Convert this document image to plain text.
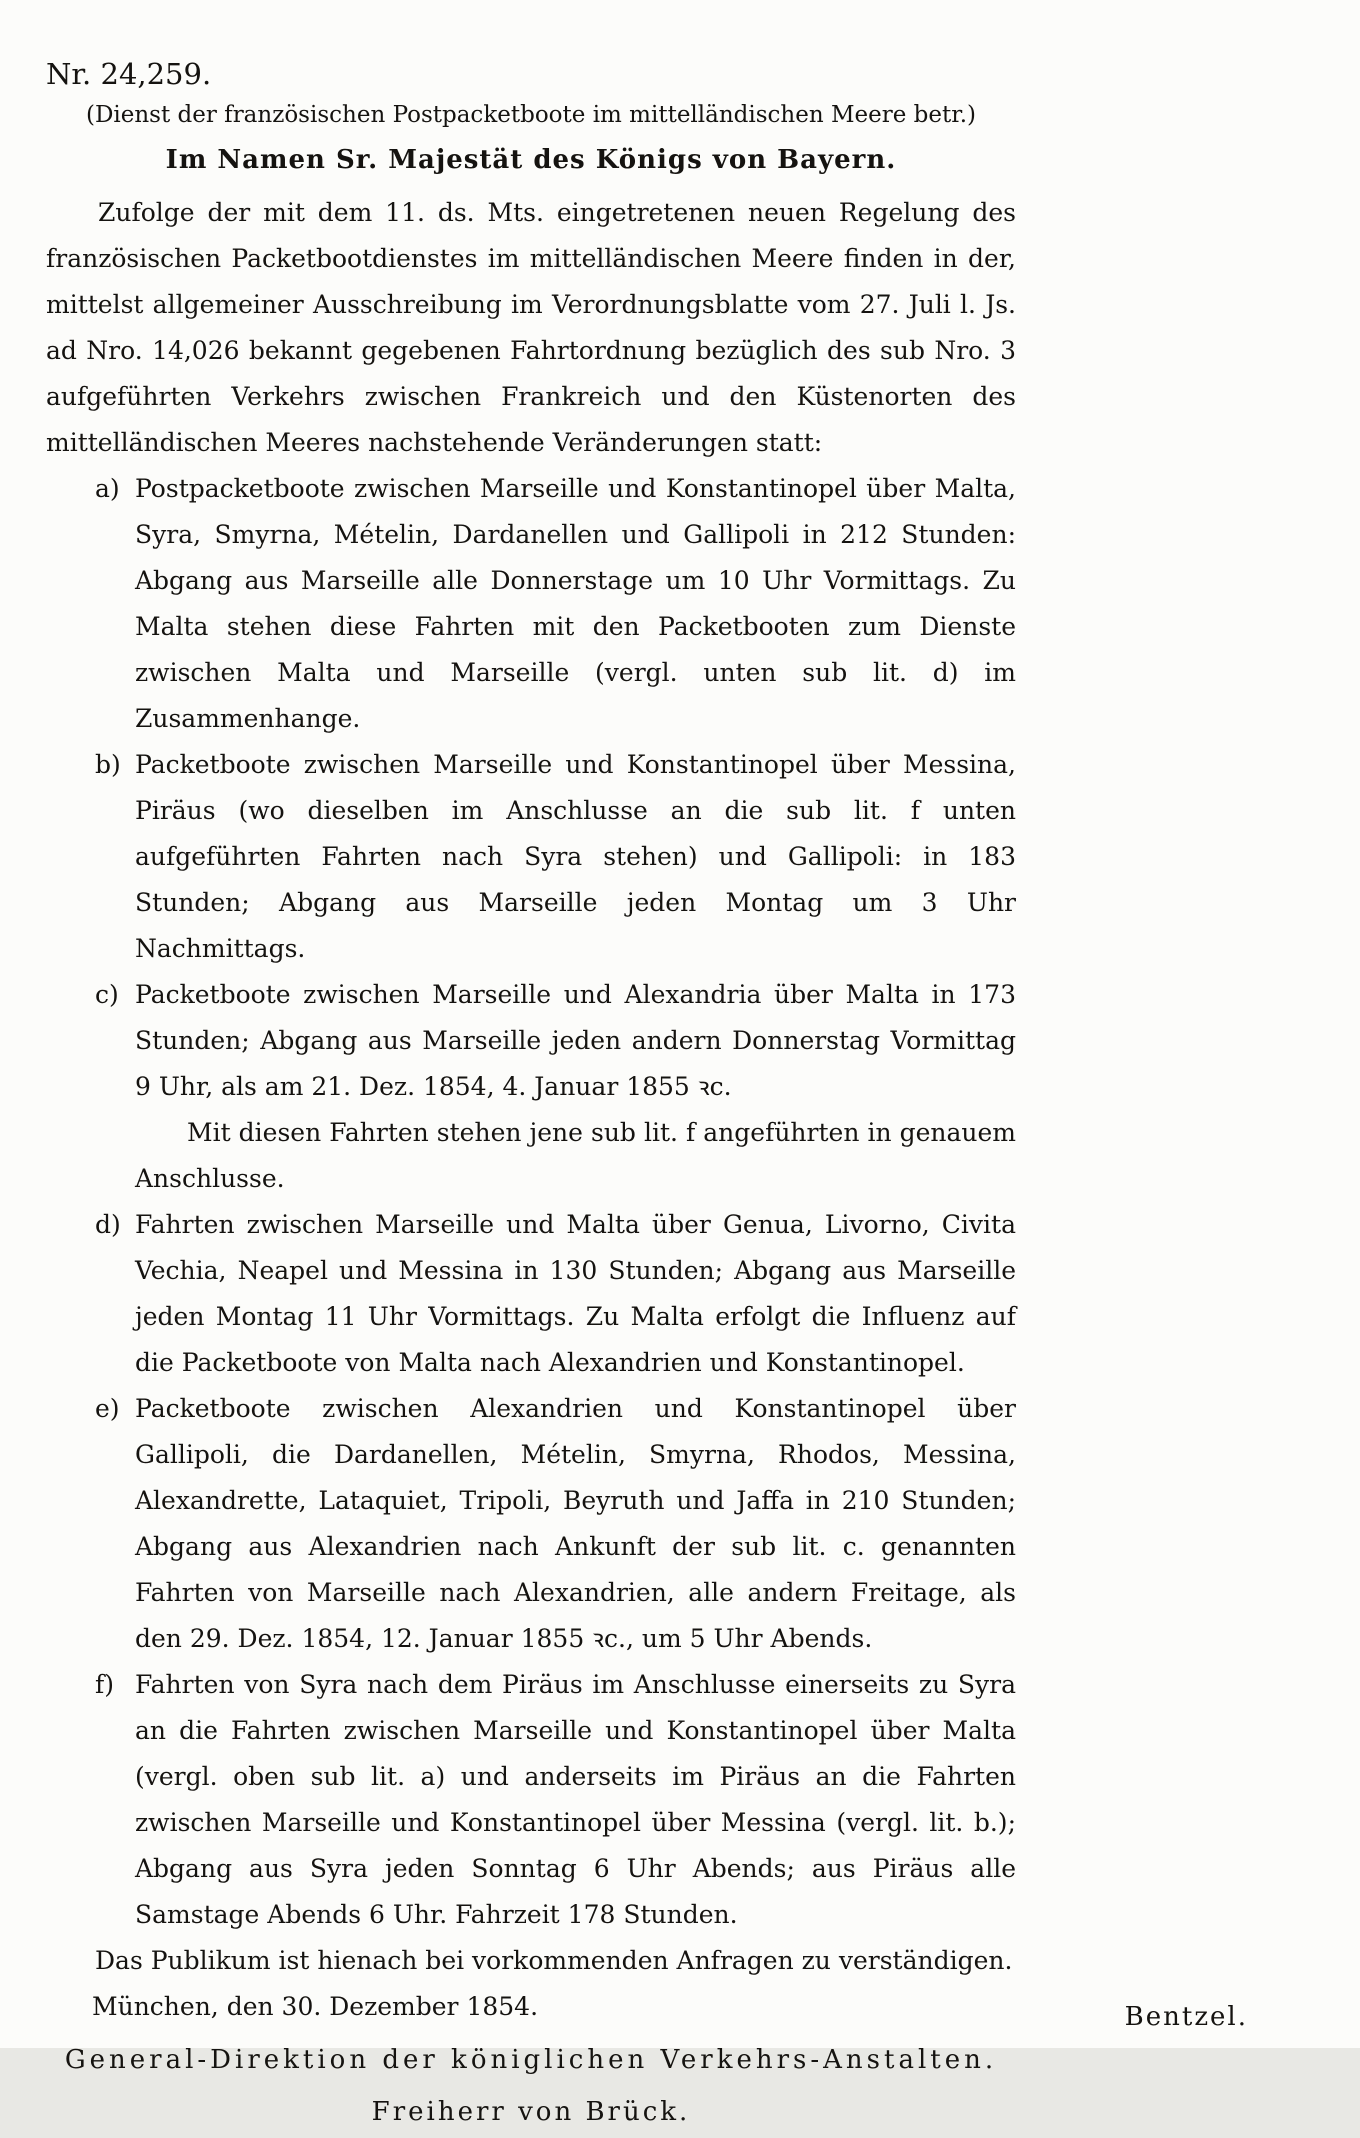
Nr. 24,259.
(Dienst der französischen Postpacketboote im mittelländischen Meere betr.)
Im Namen Sr. Majestät des Königs von Bayern.

Zufolge der mit dem 11. ds. Mts. eingetretenen neuen Regelung des französischen Packetbootdienstes im mittelländischen Meere finden in der, mittelst allgemeiner Ausschreibung im Verordnungsblatte vom 27. Juli l. Js. ad Nro. 14,026 bekannt gegebenen Fahrtordnung bezüglich des sub Nro. 3 aufgeführten Verkehrs zwischen Frankreich und den Küstenorten des mittelländischen Meeres nachstehende Veränderungen statt:

a) Postpacketboote zwischen Marseille und Konstantinopel über Malta, Syra, Smyrna, Mételin, Dardanellen und Gallipoli in 212 Stunden: Abgang aus Marseille alle Donnerstage um 10 Uhr Vormittags. Zu Malta stehen diese Fahrten mit den Packetbooten zum Dienste zwischen Malta und Marseille (vergl. unten sub lit. d) im Zusammenhange.

b) Packetboote zwischen Marseille und Konstantinopel über Messina, Piräus (wo dieselben im Anschlusse an die sub lit. f unten aufgeführten Fahrten nach Syra stehen) und Gallipoli: in 183 Stunden; Abgang aus Marseille jeden Montag um 3 Uhr Nachmittags.

c) Packetboote zwischen Marseille und Alexandria über Malta in 173 Stunden; Abgang aus Marseille jeden andern Donnerstag Vormittag 9 Uhr, als am 21. Dez. 1854, 4. Januar 1855 ꝛc.

Mit diesen Fahrten stehen jene sub lit. f angeführten in genauem Anschlusse.

d) Fahrten zwischen Marseille und Malta über Genua, Livorno, Civita Vechia, Neapel und Messina in 130 Stunden; Abgang aus Marseille jeden Montag 11 Uhr Vormittags. Zu Malta erfolgt die Influenz auf die Packetboote von Malta nach Alexandrien und Konstantinopel.

e) Packetboote zwischen Alexandrien und Konstantinopel über Gallipoli, die Dardanellen, Mételin, Smyrna, Rhodos, Messina, Alexandrette, Lataquiet, Tripoli, Beyruth und Jaffa in 210 Stunden; Abgang aus Alexandrien nach Ankunft der sub lit. c. genannten Fahrten von Marseille nach Alexandrien, alle andern Freitage, als den 29. Dez. 1854, 12. Januar 1855 ꝛc., um 5 Uhr Abends.

f) Fahrten von Syra nach dem Piräus im Anschlusse einerseits zu Syra an die Fahrten zwischen Marseille und Konstantinopel über Malta (vergl. oben sub lit. a) und anderseits im Piräus an die Fahrten zwischen Marseille und Konstantinopel über Messina (vergl. lit. b.); Abgang aus Syra jeden Sonntag 6 Uhr Abends; aus Piräus alle Samstage Abends 6 Uhr. Fahrzeit 178 Stunden.

Das Publikum ist hienach bei vorkommenden Anfragen zu verständigen.

München, den 30. Dezember 1854.

General-Direktion der königlichen Verkehrs-Anstalten.
Freiherr von Brück.
Bentzel.
